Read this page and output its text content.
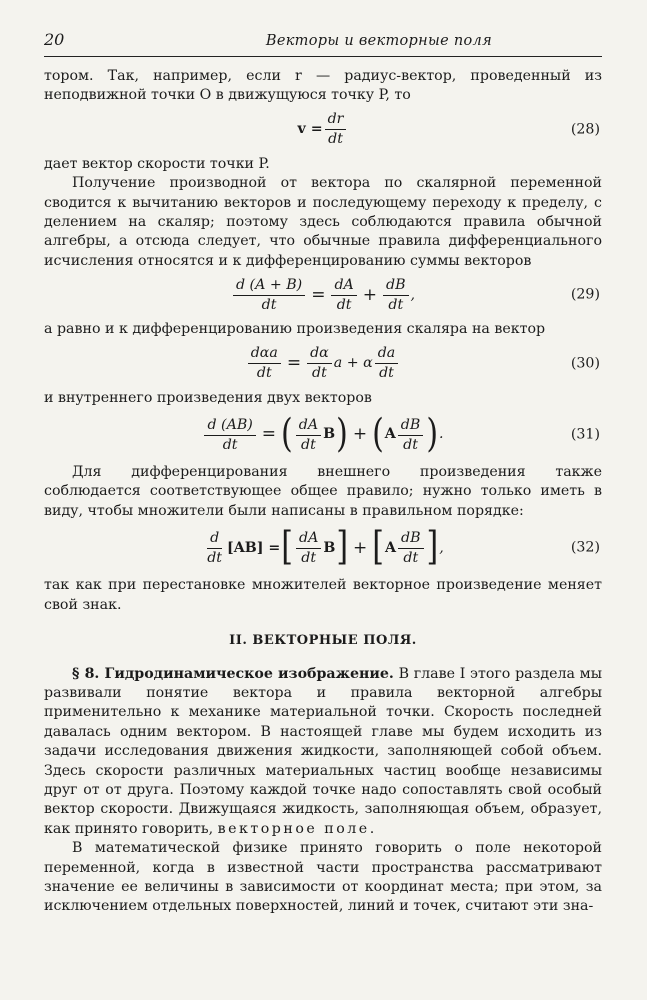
20	Векторы и векторные поля

тором. Так, например, если r — радиус-вектор, проведенный из неподвижной точки O в движущуюся точку P, то

$v = \frac{dr}{dt}$	(28)

дает вектор скорости точки P.

Получение производной от вектора по скалярной переменной сводится к вычитанию векторов и последующему переходу к пределу, с делением на скаляр; поэтому здесь соблюдаются правила обычной алгебры, а отсюда следует, что обычные правила дифференциального исчисления относятся и к дифференцированию суммы векторов

$\frac{d (A + B)}{dt} = \frac{dA}{dt} + \frac{dB}{dt}$ ,	(29)

а равно и к дифференцированию произведения скаляра на вектор

$\frac{\text{dαa}}{dt} = \frac{d\alpha}{dt}$ a + α $\frac{da}{dt}$	(30)

и внутреннего произведения двух векторов

$\frac{d (AB)}{dt}$ = ( $\frac{dA}{dt}$ B ) + ( A $\frac{dB}{dt}$ ) .	(31)

Для дифференцирования внешнего произведения также соблюдается соответствующее общее правило; нужно только иметь в виду, чтобы множители были написаны в правильном порядке:

$\frac{d}{dt} [AB]$ = [ $\frac{dA}{dt}$ B ] + [ A $\frac{dB}{dt}$ ] ,	(32)

так как при перестановке множителей векторное произведение меняет свой знак.

II. ВЕКТОРНЫЕ ПОЛЯ.

§ 8. Гидродинамическое изображение. В главе I этого раздела мы развивали понятие вектора и правила векторной алгебры применительно к механике материальной точки. Скорость последней давалась одним вектором. В настоящей главе мы будем исходить из задачи исследования движения жидкости, заполняющей собой объем. Здесь скорости различных материальных частиц вообще независимы друг от от друга. Поэтому каждой точке надо сопоставлять свой особый вектор скорости. Движущаяся жидкость, заполняющая объем, образует, как принято говорить, векторное поле.

В математической физике принято говорить о поле некоторой переменной, когда в известной части пространства рассматривают значение ее величины в зависимости от координат места; при этом, за исключением отдельных поверхностей, линий и точек, считают эти зна-
